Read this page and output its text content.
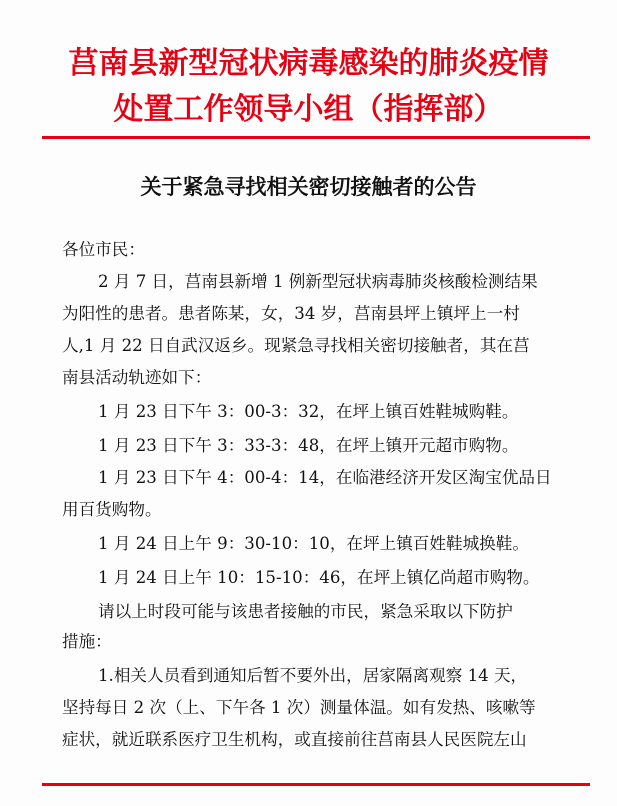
莒南县新型冠状病毒感染的肺炎疫情
处置工作领导小组（指挥部）
关于紧急寻找相关密切接触者的公告
各位市民：
2 月 7 日，莒南县新增 1 例新型冠状病毒肺炎核酸检测结果
为阳性的患者。患者陈某，女，34 岁，莒南县坪上镇坪上一村
人,1 月 22 日自武汉返乡。现紧急寻找相关密切接触者，其在莒
南县活动轨迹如下：
1 月 23 日下午 3：00-3：32，在坪上镇百姓鞋城购鞋。
1 月 23 日下午 3：33-3：48，在坪上镇开元超市购物。
1 月 23 日下午 4：00-4：14，在临港经济开发区淘宝优品日
用百货购物。
1 月 24 日上午 9：30-10：10，在坪上镇百姓鞋城换鞋。
1 月 24 日上午 10：15-10：46，在坪上镇亿尚超市购物。
请以上时段可能与该患者接触的市民，紧急采取以下防护
措施：
1.相关人员看到通知后暂不要外出，居家隔离观察 14 天，
坚持每日 2 次（上、下午各 1 次）测量体温。如有发热、咳嗽等
症状，就近联系医疗卫生机构，或直接前往莒南县人民医院左山
